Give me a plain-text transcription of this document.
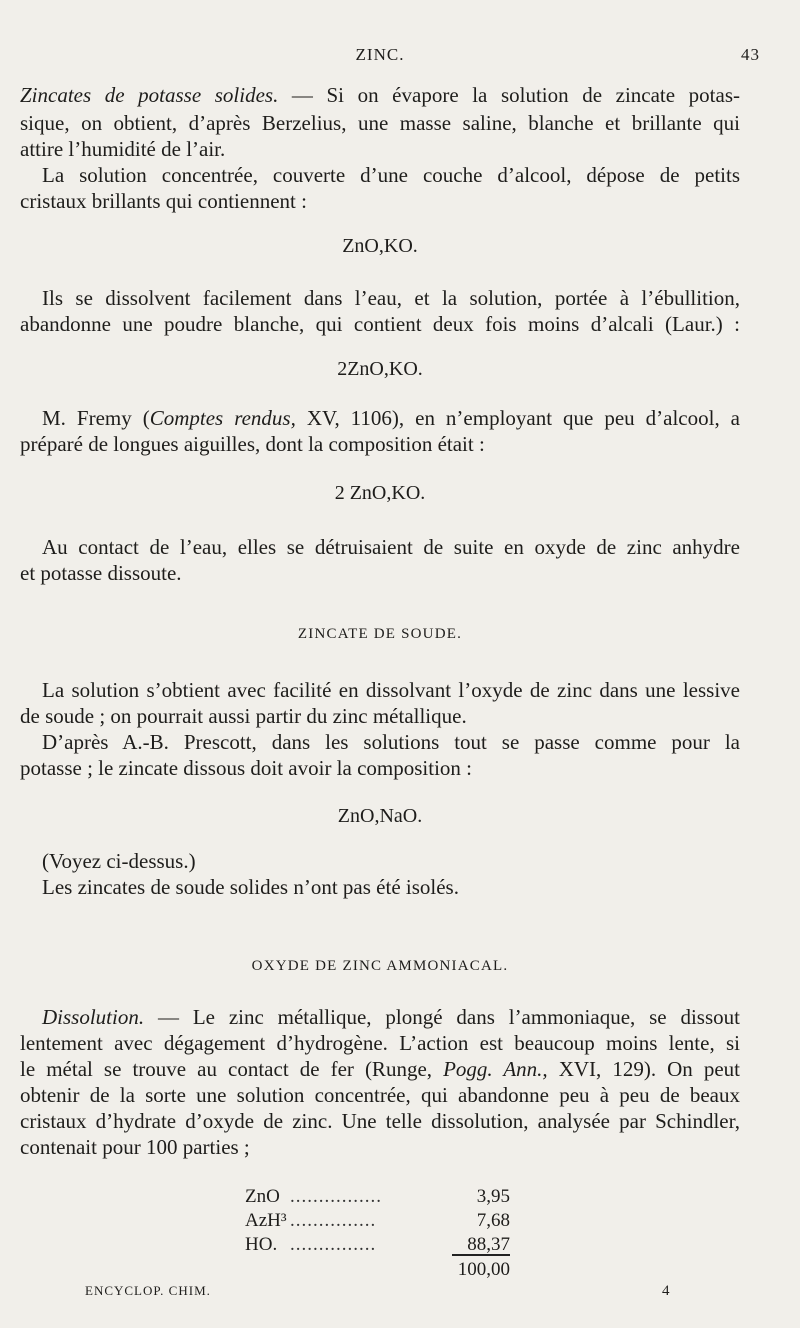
ZINC.	43
Zincates de potasse solides. — Si on évapore la solution de zincate potas-
sique, on obtient, d’après Berzelius, une masse saline, blanche et brillante qui
attire l’humidité de l’air.
La solution concentrée, couverte d’une couche d’alcool, dépose de petits
cristaux brillants qui contiennent :
ZnO,KO.
Ils se dissolvent facilement dans l’eau, et la solution, portée à l’ébullition,
abandonne une poudre blanche, qui contient deux fois moins d’alcali (Laur.) :
2ZnO,KO.
M. Fremy (Comptes rendus, XV, 1106), en n’employant que peu d’alcool, a
préparé de longues aiguilles, dont la composition était :
2 ZnO,KO.
Au contact de l’eau, elles se détruisaient de suite en oxyde de zinc anhydre
et potasse dissoute.
ZINCATE DE SOUDE.
La solution s’obtient avec facilité en dissolvant l’oxyde de zinc dans une lessive
de soude ; on pourrait aussi partir du zinc métallique.
D’après A.-B. Prescott, dans les solutions tout se passe comme pour la
potasse ; le zincate dissous doit avoir la composition :
ZnO,NaO.
(Voyez ci-dessus.)
Les zincates de soude solides n’ont pas été isolés.
OXYDE DE ZINC AMMONIACAL.
Dissolution. — Le zinc métallique, plongé dans l’ammoniaque, se dissout
lentement avec dégagement d’hydrogène. L’action est beaucoup moins lente, si
le métal se trouve au contact de fer (Runge, Pogg. Ann., XVI, 129). On peut
obtenir de la sorte une solution concentrée, qui abandonne peu à peu de beaux
cristaux d’hydrate d’oxyde de zinc. Une telle dissolution, analysée par Schindler,
contenait pour 100 parties ;
ZnO ................	3,95
AzH³ ...............	7,68
HO. ...............	88,37
100,00
ENCYCLOP. CHIM.	4
